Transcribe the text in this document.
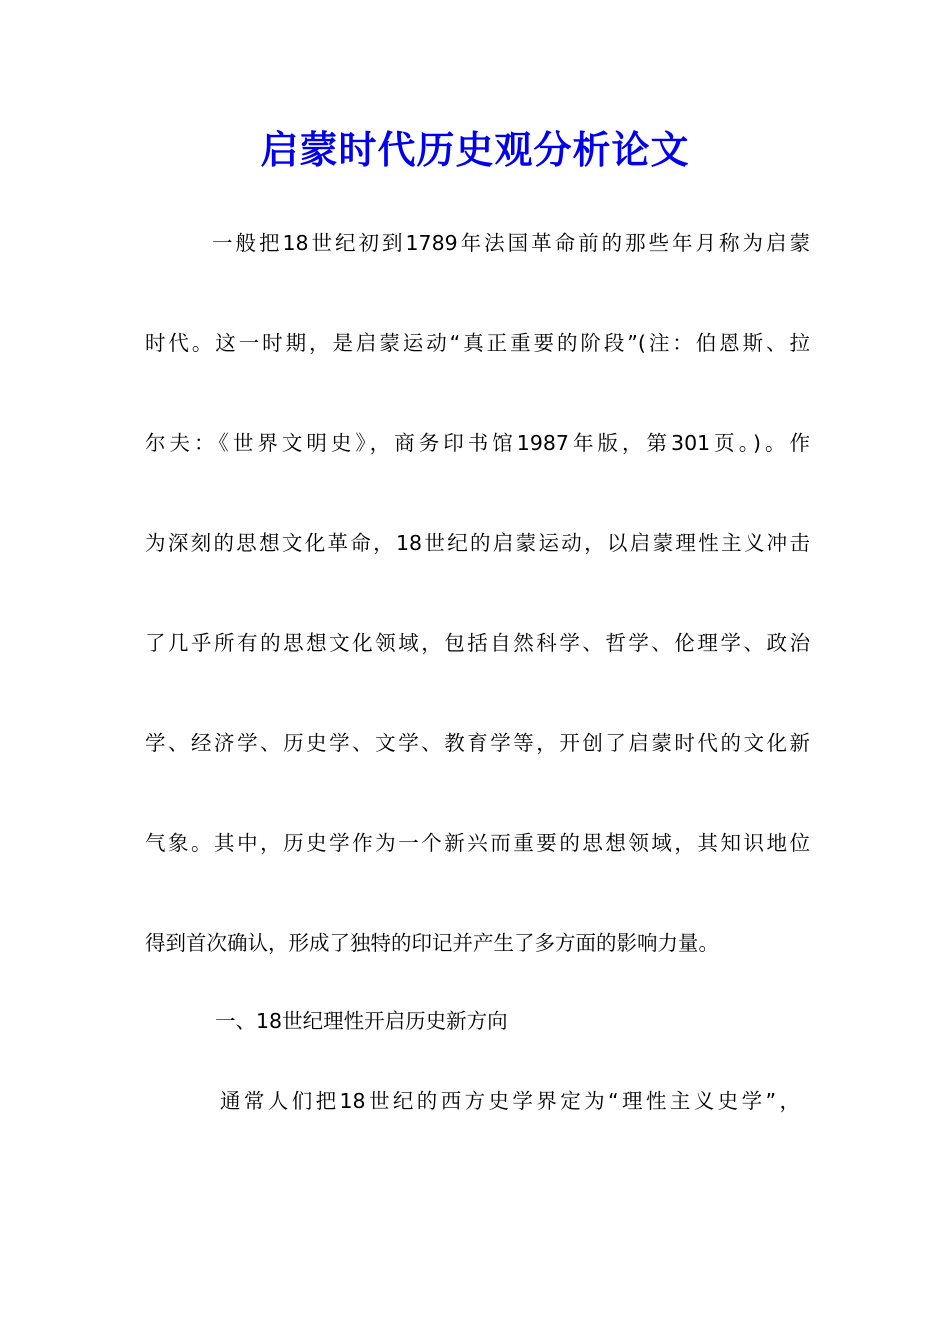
启蒙时代历史观分析论文

一般把18世纪初到1789年法国革命前的那些年月称为启蒙

时代。这一时期，是启蒙运动“真正重要的阶段”(注：伯恩斯、拉

尔夫：《世界文明史》，商务印书馆1987年版，第301页。)。作

为深刻的思想文化革命，18世纪的启蒙运动，以启蒙理性主义冲击

了几乎所有的思想文化领域，包括自然科学、哲学、伦理学、政治

学、经济学、历史学、文学、教育学等，开创了启蒙时代的文化新

气象。其中，历史学作为一个新兴而重要的思想领域，其知识地位

得到首次确认，形成了独特的印记并产生了多方面的影响力量。

一、18世纪理性开启历史新方向

通常人们把18世纪的西方史学界定为“理性主义史学”，
